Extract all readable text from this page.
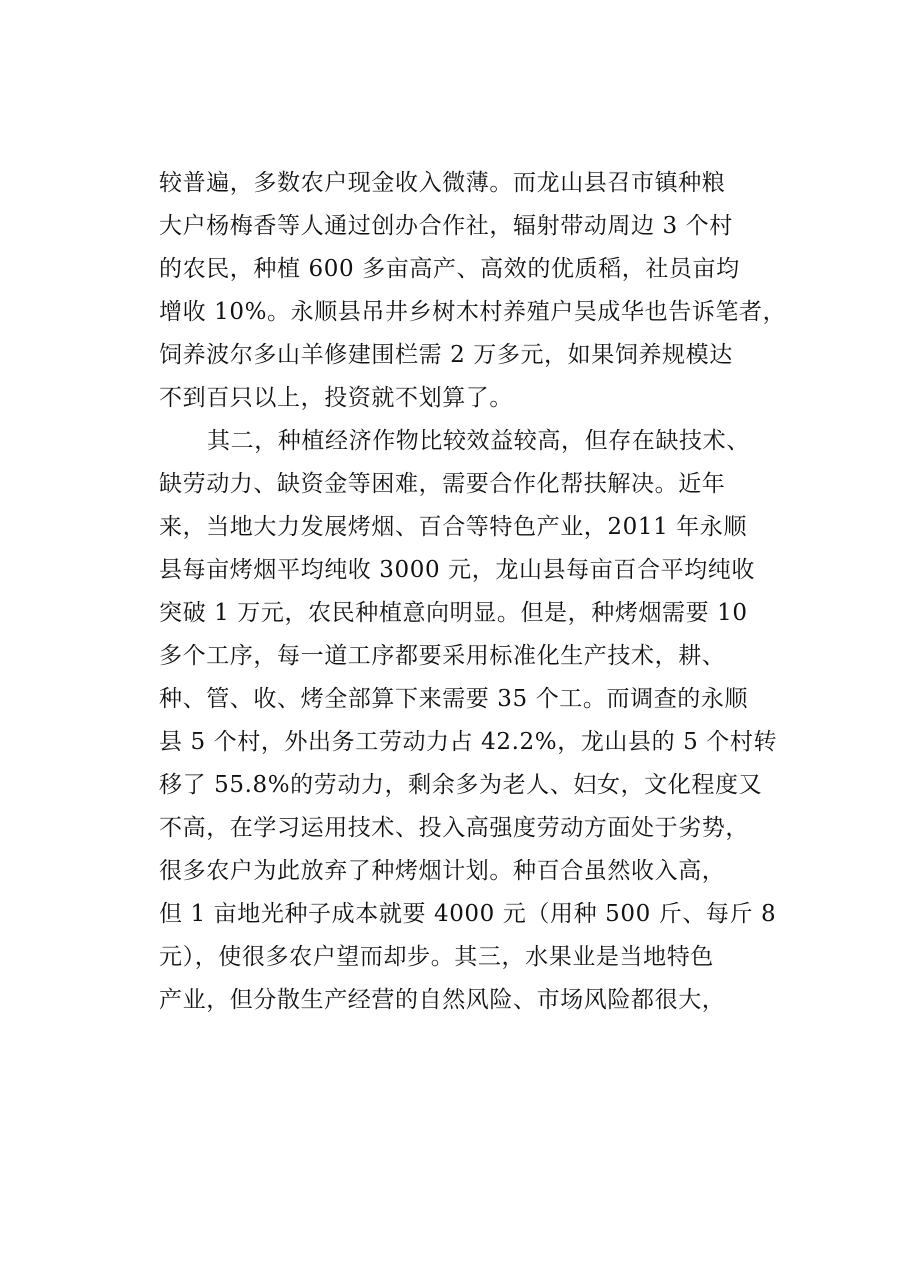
较普遍，多数农户现金收入微薄。而龙山县召市镇种粮
大户杨梅香等人通过创办合作社，辐射带动周边 3 个村
的农民，种植 600 多亩高产、高效的优质稻，社员亩均
增收 10%。永顺县吊井乡树木村养殖户吴成华也告诉笔者，
饲养波尔多山羊修建围栏需 2 万多元，如果饲养规模达
不到百只以上，投资就不划算了。
其二，种植经济作物比较效益较高，但存在缺技术、
缺劳动力、缺资金等困难，需要合作化帮扶解决。近年
来，当地大力发展烤烟、百合等特色产业，2011 年永顺
县每亩烤烟平均纯收 3000 元，龙山县每亩百合平均纯收
突破 1 万元，农民种植意向明显。但是，种烤烟需要 10
多个工序，每一道工序都要采用标准化生产技术，耕、
种、管、收、烤全部算下来需要 35 个工。而调查的永顺
县 5 个村，外出务工劳动力占 42.2%，龙山县的 5 个村转
移了 55.8%的劳动力，剩余多为老人、妇女，文化程度又
不高，在学习运用技术、投入高强度劳动方面处于劣势，
很多农户为此放弃了种烤烟计划。种百合虽然收入高，
但 1 亩地光种子成本就要 4000 元（用种 500 斤、每斤 8
元），使很多农户望而却步。其三，水果业是当地特色
产业，但分散生产经营的自然风险、市场风险都很大，
